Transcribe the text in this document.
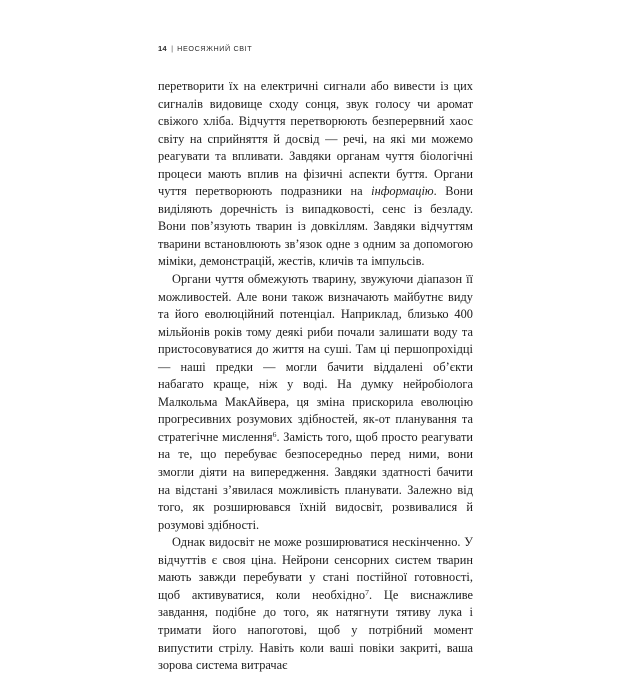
14 | НЕОСЯЖНИЙ СВІТ

перетворити їх на електричні сигнали або вивести із цих сигналів видовище сходу сонця, звук голосу чи аромат свіжого хліба. Відчуття перетворюють безперервний хаос світу на сприйняття й досвід — речі, на які ми можемо реагувати та впливати. Завдяки органам чуття біологічні процеси мають вплив на фізичні аспекти буття. Органи чуття перетворюють подразники на інформацію. Вони виділяють доречність із випадковості, сенс із безладу. Вони пов’язують тварин із довкіллям. Завдяки відчуттям тварини встановлюють зв’язок одне з одним за допомогою міміки, демонстрацій, жестів, кличів та імпульсів.

Органи чуття обмежують тварину, звужуючи діапазон її можливостей. Але вони також визначають майбутнє виду та його еволюційний потенціал. Наприклад, близько 400 мільйонів років тому деякі риби почали залишати воду та пристосовуватися до життя на суші. Там ці першопрохідці — наші предки — могли бачити віддалені об’єкти набагато краще, ніж у воді. На думку нейробіолога Малкольма МакАйвера, ця зміна прискорила еволюцію прогресивних розумових здібностей, як-от планування та стратегічне мислення$^6$. Замість того, щоб просто реагувати на те, що перебуває безпосередньо перед ними, вони змогли діяти на випередження. Завдяки здатності бачити на відстані з’явилася можливість планувати. Залежно від того, як розширювався їхній видосвіт, розвивалися й розумові здібності.

Однак видосвіт не може розширюватися нескінченно. У відчуттів є своя ціна. Нейрони сенсорних систем тварин мають завжди перебувати у стані постійної готовності, щоб активуватися, коли необхідно$^7$. Це виснажливе завдання, подібне до того, як натягнути тятиву лука і тримати його напоготові, щоб у потрібний момент випустити стрілу. Навіть коли ваші повіки закриті, ваша зорова система витрачає
